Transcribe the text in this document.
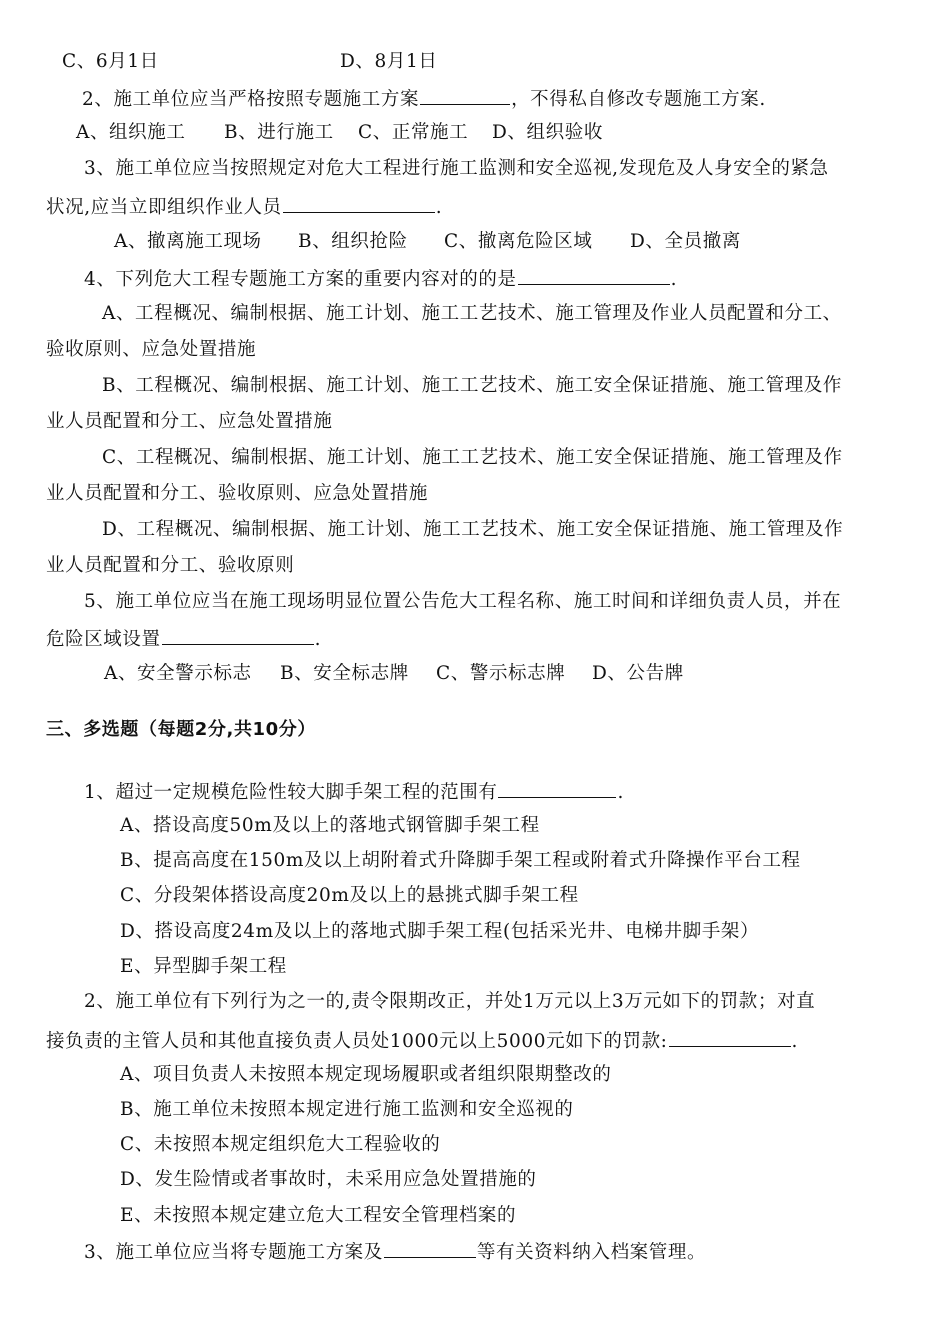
C、6月1日	D、8月1日
2、施工单位应当严格按照专题施工方案	，不得私自修改专题施工方案.
A、组织施工 B、进行施工 C、正常施工 D、组织验收
3、施工单位应当按照规定对危大工程进行施工监测和安全巡视,发现危及人身安全的紧急
状况,应当立即组织作业人员	.
A、撤离施工现场 B、组织抢险 C、撤离危险区域 D、全员撤离
4、下列危大工程专题施工方案的重要内容对的的是	.
A、工程概况、编制根据、施工计划、施工工艺技术、施工管理及作业人员配置和分工、
验收原则、应急处置措施
B、工程概况、编制根据、施工计划、施工工艺技术、施工安全保证措施、施工管理及作
业人员配置和分工、应急处置措施
C、工程概况、编制根据、施工计划、施工工艺技术、施工安全保证措施、施工管理及作
业人员配置和分工、验收原则、应急处置措施
D、工程概况、编制根据、施工计划、施工工艺技术、施工安全保证措施、施工管理及作
业人员配置和分工、验收原则
5、施工单位应当在施工现场明显位置公告危大工程名称、施工时间和详细负责人员，并在
危险区域设置	.
A、安全警示标志 B、安全标志牌 C、警示标志牌 D、公告牌
三、多选题（每题2分,共10分）
1、超过一定规模危险性较大脚手架工程的范围有	.
A、搭设高度50m及以上的落地式钢管脚手架工程
B、提高高度在150m及以上胡附着式升降脚手架工程或附着式升降操作平台工程
C、分段架体搭设高度20m及以上的悬挑式脚手架工程
D、搭设高度24m及以上的落地式脚手架工程(包括采光井、电梯井脚手架）
E、异型脚手架工程
2、施工单位有下列行为之一的,责令限期改正，并处1万元以上3万元如下的罚款；对直
接负责的主管人员和其他直接负责人员处1000元以上5000元如下的罚款:	.
A、项目负责人未按照本规定现场履职或者组织限期整改的
B、施工单位未按照本规定进行施工监测和安全巡视的
C、未按照本规定组织危大工程验收的
D、发生险情或者事故时，未采用应急处置措施的
E、未按照本规定建立危大工程安全管理档案的
3、施工单位应当将专题施工方案及	等有关资料纳入档案管理。
